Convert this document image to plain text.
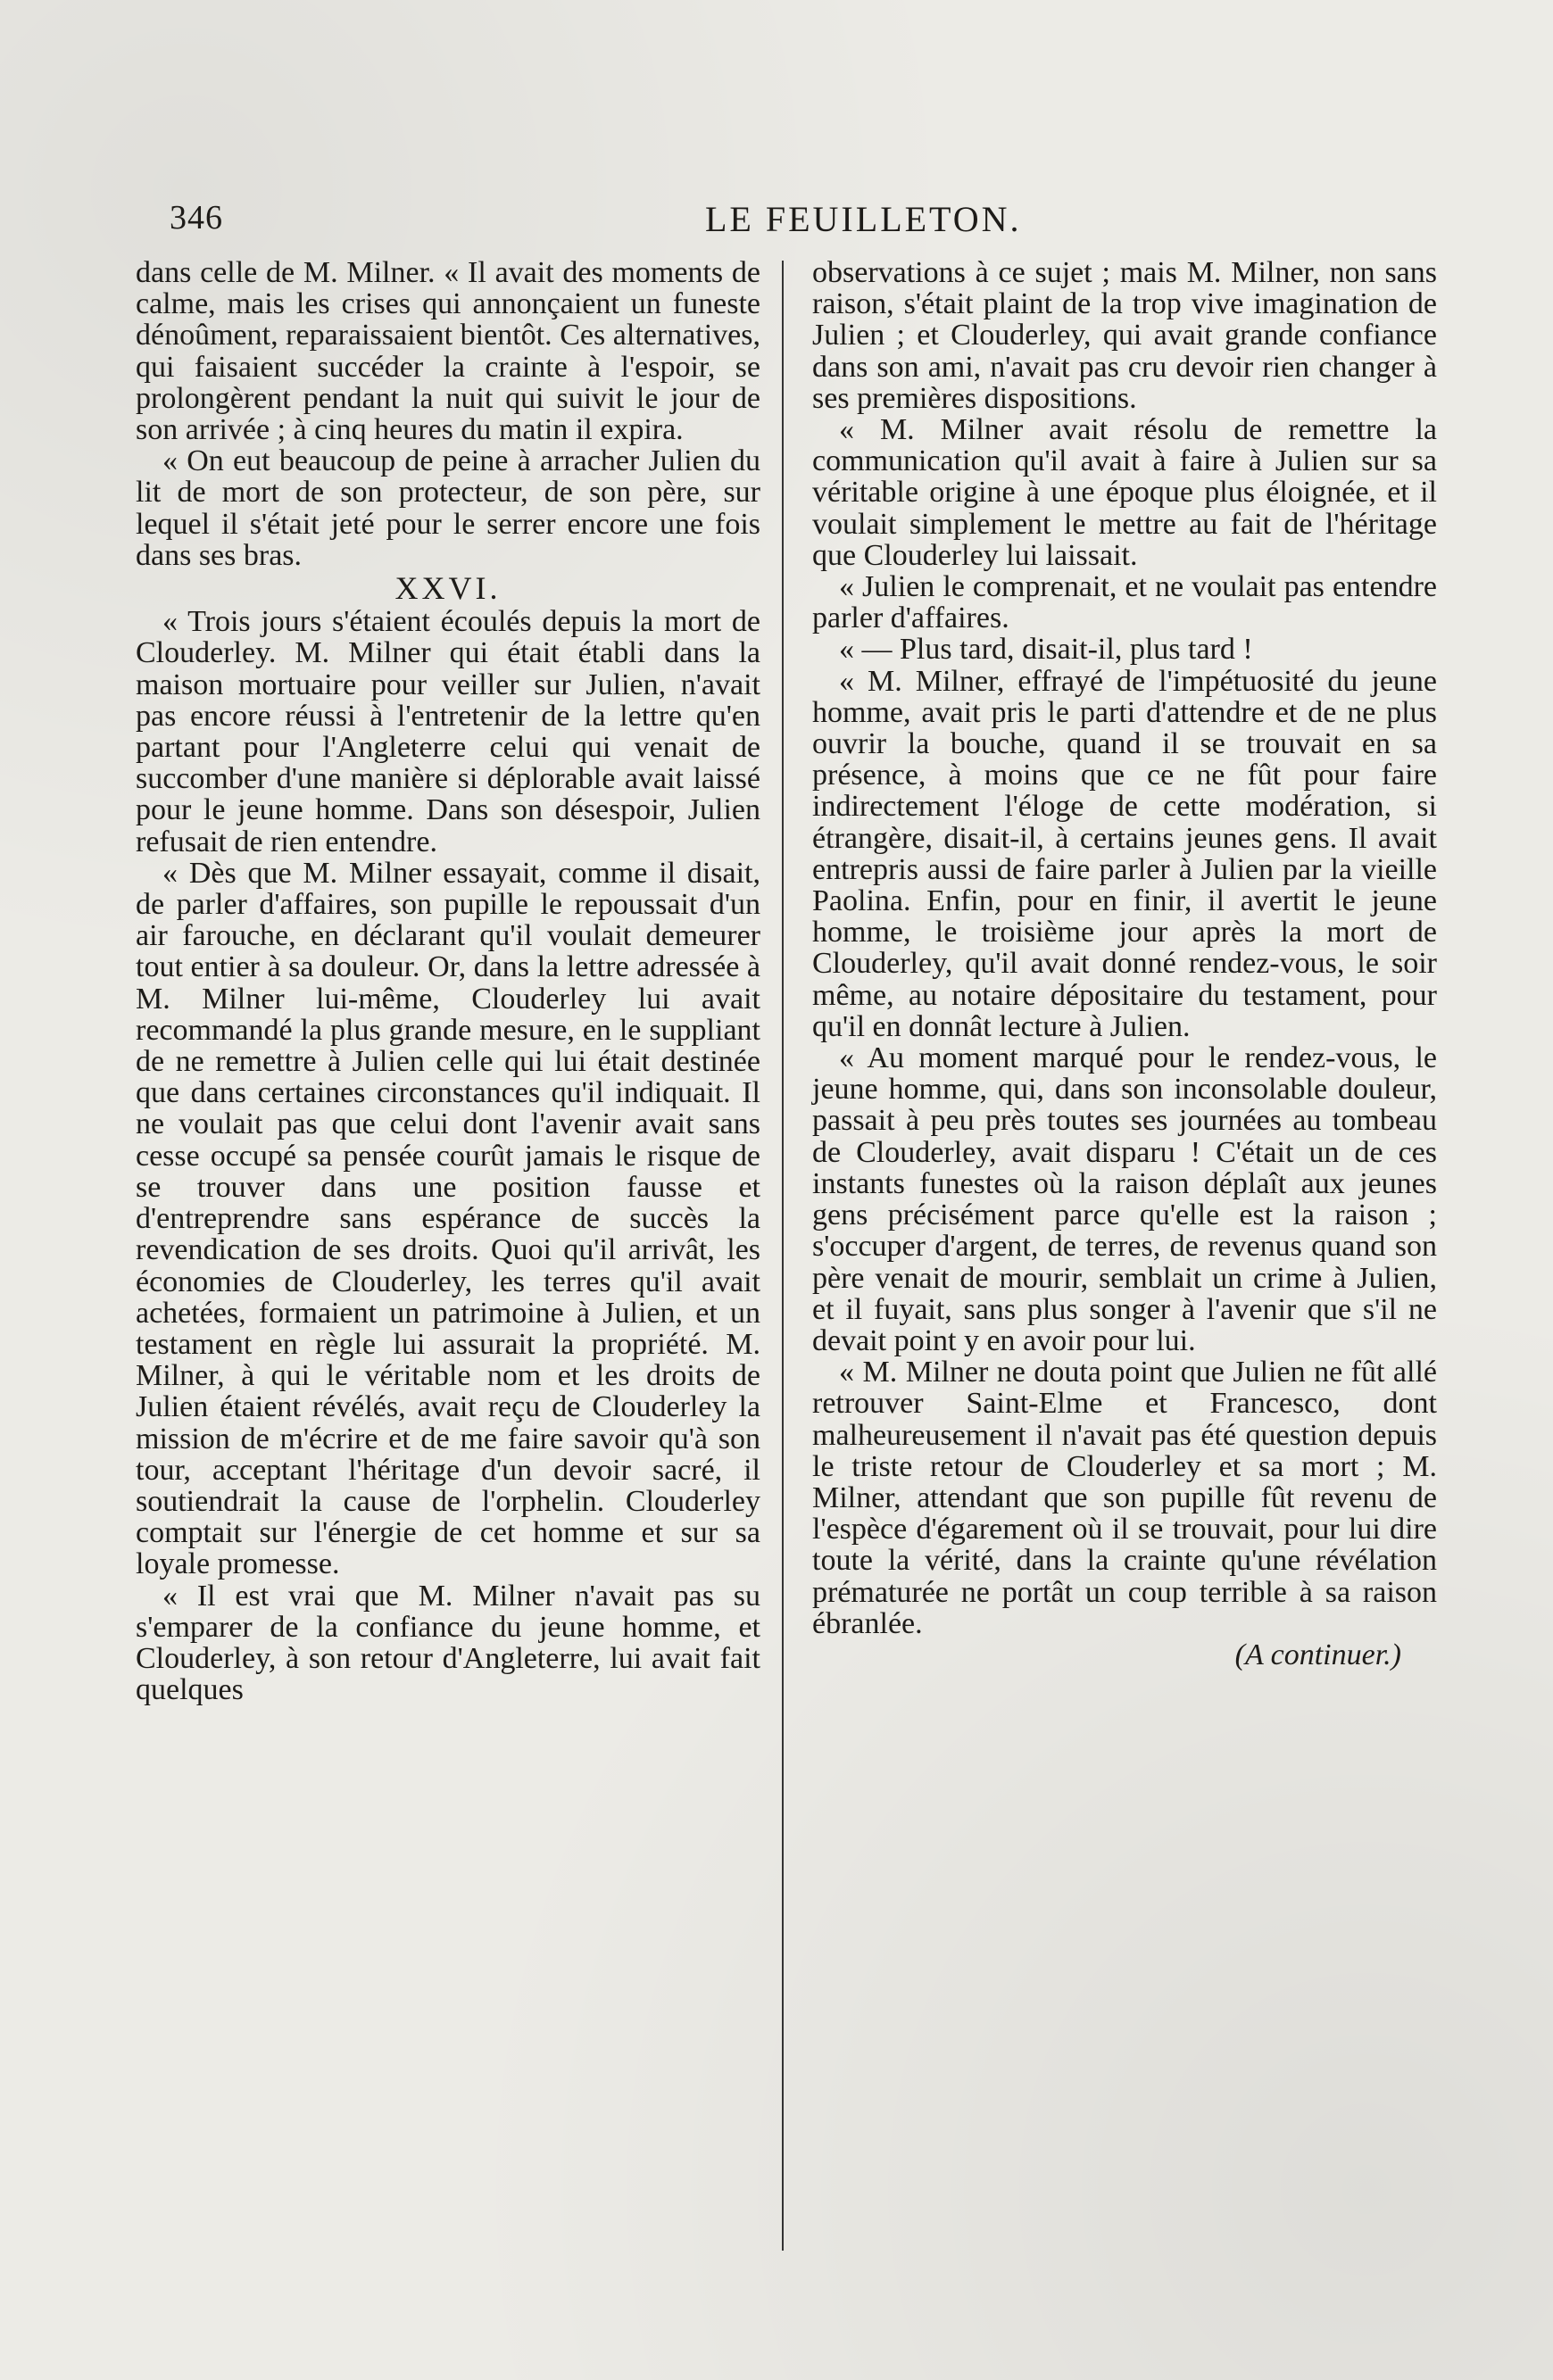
346	LE FEUILLETON.

dans celle de M. Milner. « Il avait des moments de calme, mais les crises qui annonçaient un funeste dénoûment, reparaissaient bientôt. Ces alternatives, qui faisaient succéder la crainte à l'espoir, se prolongèrent pendant la nuit qui suivit le jour de son arrivée ; à cinq heures du matin il expira.

« On eut beaucoup de peine à arracher Julien du lit de mort de son protecteur, de son père, sur lequel il s'était jeté pour le serrer encore une fois dans ses bras.

XXVI.

« Trois jours s'étaient écoulés depuis la mort de Clouderley. M. Milner qui était établi dans la maison mortuaire pour veiller sur Julien, n'avait pas encore réussi à l'entretenir de la lettre qu'en partant pour l'Angleterre celui qui venait de succomber d'une manière si déplorable avait laissé pour le jeune homme. Dans son désespoir, Julien refusait de rien entendre.

« Dès que M. Milner essayait, comme il disait, de parler d'affaires, son pupille le repoussait d'un air farouche, en déclarant qu'il voulait demeurer tout entier à sa douleur. Or, dans la lettre adressée à M. Milner lui-même, Clouderley lui avait recommandé la plus grande mesure, en le suppliant de ne remettre à Julien celle qui lui était destinée que dans certaines circonstances qu'il indiquait. Il ne voulait pas que celui dont l'avenir avait sans cesse occupé sa pensée courût jamais le risque de se trouver dans une position fausse et d'entreprendre sans espérance de succès la revendication de ses droits. Quoi qu'il arrivât, les économies de Clouderley, les terres qu'il avait achetées, formaient un patrimoine à Julien, et un testament en règle lui assurait la propriété. M. Milner, à qui le véritable nom et les droits de Julien étaient révélés, avait reçu de Clouderley la mission de m'écrire et de me faire savoir qu'à son tour, acceptant l'héritage d'un devoir sacré, il soutiendrait la cause de l'orphelin. Clouderley comptait sur l'énergie de cet homme et sur sa loyale promesse.

« Il est vrai que M. Milner n'avait pas su s'emparer de la confiance du jeune homme, et Clouderley, à son retour d'Angleterre, lui avait fait quelques

observations à ce sujet ; mais M. Milner, non sans raison, s'était plaint de la trop vive imagination de Julien ; et Clouderley, qui avait grande confiance dans son ami, n'avait pas cru devoir rien changer à ses premières dispositions.

« M. Milner avait résolu de remettre la communication qu'il avait à faire à Julien sur sa véritable origine à une époque plus éloignée, et il voulait simplement le mettre au fait de l'héritage que Clouderley lui laissait.

« Julien le comprenait, et ne voulait pas entendre parler d'affaires.

« — Plus tard, disait-il, plus tard !

« M. Milner, effrayé de l'impétuosité du jeune homme, avait pris le parti d'attendre et de ne plus ouvrir la bouche, quand il se trouvait en sa présence, à moins que ce ne fût pour faire indirectement l'éloge de cette modération, si étrangère, disait-il, à certains jeunes gens. Il avait entrepris aussi de faire parler à Julien par la vieille Paolina. Enfin, pour en finir, il avertit le jeune homme, le troisième jour après la mort de Clouderley, qu'il avait donné rendez-vous, le soir même, au notaire dépositaire du testament, pour qu'il en donnât lecture à Julien.

« Au moment marqué pour le rendez-vous, le jeune homme, qui, dans son inconsolable douleur, passait à peu près toutes ses journées au tombeau de Clouderley, avait disparu ! C'était un de ces instants funestes où la raison déplaît aux jeunes gens précisément parce qu'elle est la raison ; s'occuper d'argent, de terres, de revenus quand son père venait de mourir, semblait un crime à Julien, et il fuyait, sans plus songer à l'avenir que s'il ne devait point y en avoir pour lui.

« M. Milner ne douta point que Julien ne fût allé retrouver Saint-Elme et Francesco, dont malheureusement il n'avait pas été question depuis le triste retour de Clouderley et sa mort ; M. Milner, attendant que son pupille fût revenu de l'espèce d'égarement où il se trouvait, pour lui dire toute la vérité, dans la crainte qu'une révélation prématurée ne portât un coup terrible à sa raison ébranlée.

(A continuer.)
